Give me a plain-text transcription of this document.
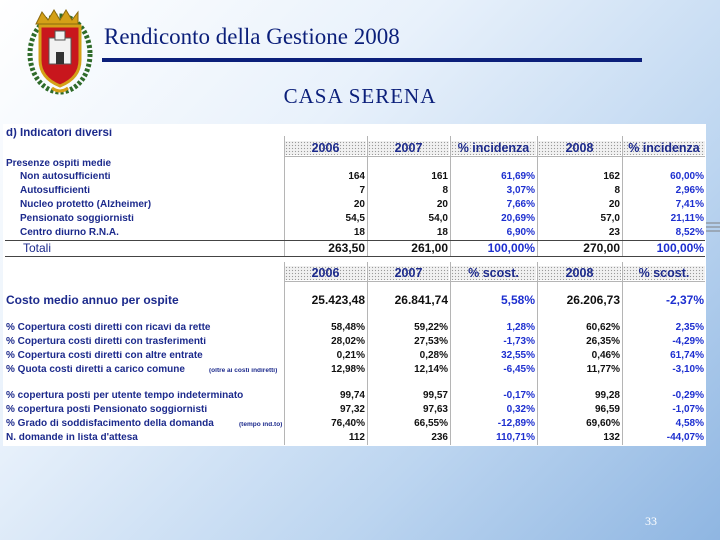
Rendiconto della Gestione 2008
CASA SERENA
d) Indicatori diversi
2006	2007	% incidenza	2008	% incidenza
Presenze ospiti medie
Non autosufficienti	164	161	61,69%	162	60,00%
Autosufficienti	7	8	3,07%	8	2,96%
Nucleo protetto (Alzheimer)	20	20	7,66%	20	7,41%
Pensionato soggiornisti	54,5	54,0	20,69%	57,0	21,11%
Centro diurno R.N.A.	18	18	6,90%	23	8,52%
Totali	263,50	261,00	100,00%	270,00	100,00%
2006	2007	% scost.	2008	% scost.
Costo medio annuo per ospite	25.423,48	26.841,74	5,58%	26.206,73	-2,37%
% Copertura costi diretti con ricavi da rette	58,48%	59,22%	1,28%	60,62%	2,35%
% Copertura costi diretti con trasferimenti	28,02%	27,53%	-1,73%	26,35%	-4,29%
% Copertura costi diretti con altre entrate	0,21%	0,28%	32,55%	0,46%	61,74%
% Quota costi diretti a carico comune	(oltre ai costi indiretti)	12,98%	12,14%	-6,45%	11,77%	-3,10%
% copertura posti per utente tempo indeterminato	99,74	99,57	-0,17%	99,28	-0,29%
% copertura posti Pensionato soggiornisti	97,32	97,63	0,32%	96,59	-1,07%
% Grado di soddisfacimento della domanda	(tempo ind.to)	76,40%	66,55%	-12,89%	69,60%	4,58%
N. domande in lista d'attesa	112	236	110,71%	132	-44,07%
33
